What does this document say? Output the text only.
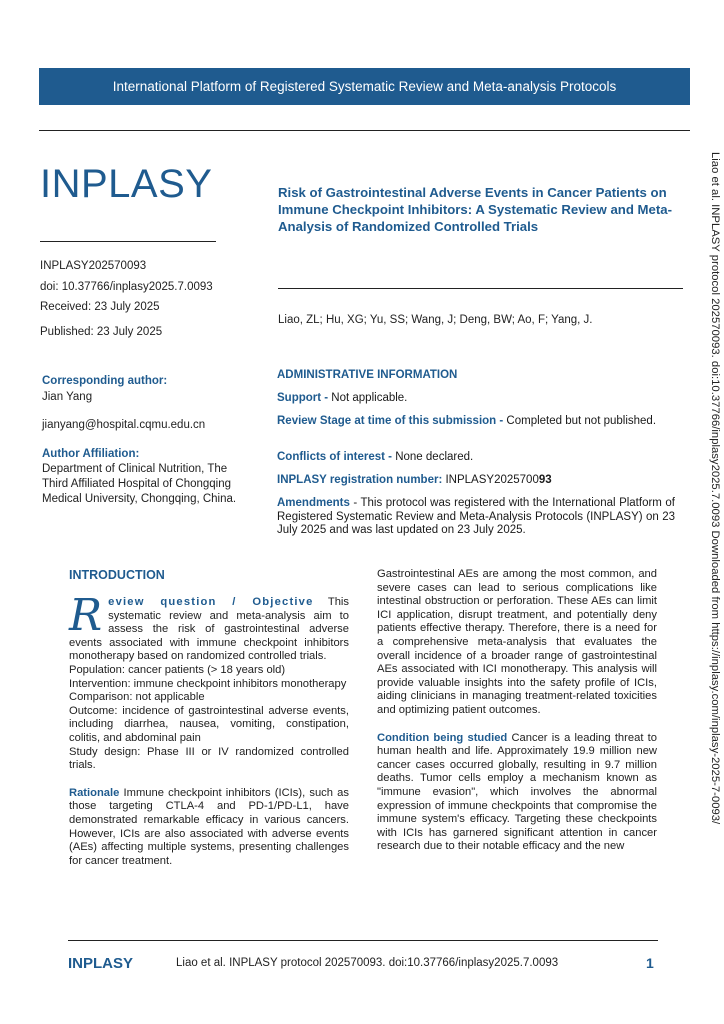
International Platform of Registered Systematic Review and Meta-analysis Protocols
INPLASY
INPLASY202570093
doi: 10.37766/inplasy2025.7.0093
Received: 23 July 2025
Published: 23 July 2025
Corresponding author:
Jian Yang
jianyang@hospital.cqmu.edu.cn
Author Affiliation:
Department of Clinical Nutrition, The Third Affiliated Hospital of Chongqing Medical University, Chongqing, China.
Risk of Gastrointestinal Adverse Events in Cancer Patients on Immune Checkpoint Inhibitors: A Systematic Review and Meta-Analysis of Randomized Controlled Trials
Liao, ZL; Hu, XG; Yu, SS; Wang, J; Deng, BW; Ao, F; Yang, J.
ADMINISTRATIVE INFORMATION
Support - Not applicable.
Review Stage at time of this submission - Completed but not published.
Conflicts of interest - None declared.
INPLASY registration number: INPLASY202570093
Amendments - This protocol was registered with the International Platform of Registered Systematic Review and Meta-Analysis Protocols (INPLASY) on 23 July 2025 and was last updated on 23 July 2025.
INTRODUCTION
Review question / Objective This systematic review and meta-analysis aim to assess the risk of gastrointestinal adverse events associated with immune checkpoint inhibitors monotherapy based on randomized controlled trials.
Population: cancer patients (> 18 years old)
Intervention: immune checkpoint inhibitors monotherapy
Comparison: not applicable
Outcome: incidence of gastrointestinal adverse events, including diarrhea, nausea, vomiting, constipation, colitis, and abdominal pain
Study design: Phase III or IV randomized controlled trials.
Rationale Immune checkpoint inhibitors (ICIs), such as those targeting CTLA-4 and PD-1/PD-L1, have demonstrated remarkable efficacy in various cancers. However, ICIs are also associated with adverse events (AEs) affecting multiple systems, presenting challenges for cancer treatment.
Gastrointestinal AEs are among the most common, and severe cases can lead to serious complications like intestinal obstruction or perforation. These AEs can limit ICI application, disrupt treatment, and potentially deny patients effective therapy. Therefore, there is a need for a comprehensive meta-analysis that evaluates the overall incidence of a broader range of gastrointestinal AEs associated with ICI monotherapy. This analysis will provide valuable insights into the safety profile of ICIs, aiding clinicians in managing treatment-related toxicities and optimizing patient outcomes.
Condition being studied Cancer is a leading threat to human health and life. Approximately 19.9 million new cancer cases occurred globally, resulting in 9.7 million deaths. Tumor cells employ a mechanism known as "immune evasion", which involves the abnormal expression of immune checkpoints that compromise the immune system's efficacy. Targeting these checkpoints with ICIs has garnered significant attention in cancer research due to their notable efficacy and the new
Liao et al. INPLASY protocol 202570093. doi:10.37766/inplasy2025.7.0093 Downloaded from https://inplasy.com/inplasy-2025-7-0093/
INPLASY	Liao et al. INPLASY protocol 202570093. doi:10.37766/inplasy2025.7.0093	1
